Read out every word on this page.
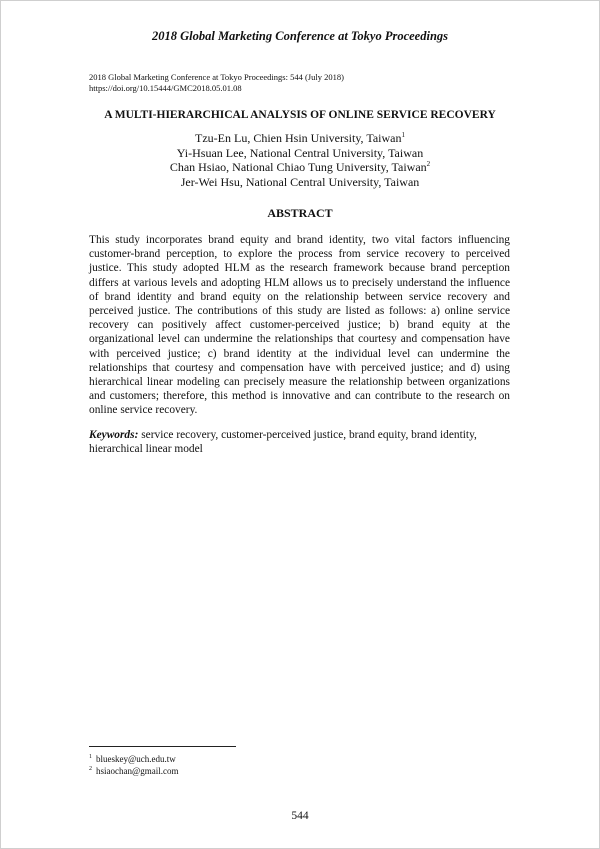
2018 Global Marketing Conference at Tokyo Proceedings
2018 Global Marketing Conference at Tokyo Proceedings: 544 (July 2018)
https://doi.org/10.15444/GMC2018.05.01.08
A MULTI-HIERARCHICAL ANALYSIS OF ONLINE SERVICE RECOVERY
Tzu-En Lu, Chien Hsin University, Taiwan$^1$
Yi-Hsuan Lee, National Central University, Taiwan
Chan Hsiao, National Chiao Tung University, Taiwan$^2$
Jer-Wei Hsu, National Central University, Taiwan
ABSTRACT
This study incorporates brand equity and brand identity, two vital factors influencing customer-brand perception, to explore the process from service recovery to perceived justice. This study adopted HLM as the research framework because brand perception differs at various levels and adopting HLM allows us to precisely understand the influence of brand identity and brand equity on the relationship between service recovery and perceived justice. The contributions of this study are listed as follows: a) online service recovery can positively affect customer-perceived justice; b) brand equity at the organizational level can undermine the relationships that courtesy and compensation have with perceived justice; c) brand identity at the individual level can undermine the relationships that courtesy and compensation have with perceived justice; and d) using hierarchical linear modeling can precisely measure the relationship between organizations and customers; therefore, this method is innovative and can contribute to the research on online service recovery.
Keywords: service recovery, customer-perceived justice, brand equity, brand identity, hierarchical linear model
$^1$ blueskey@uch.edu.tw
$^2$ hsiaochan@gmail.com
544
